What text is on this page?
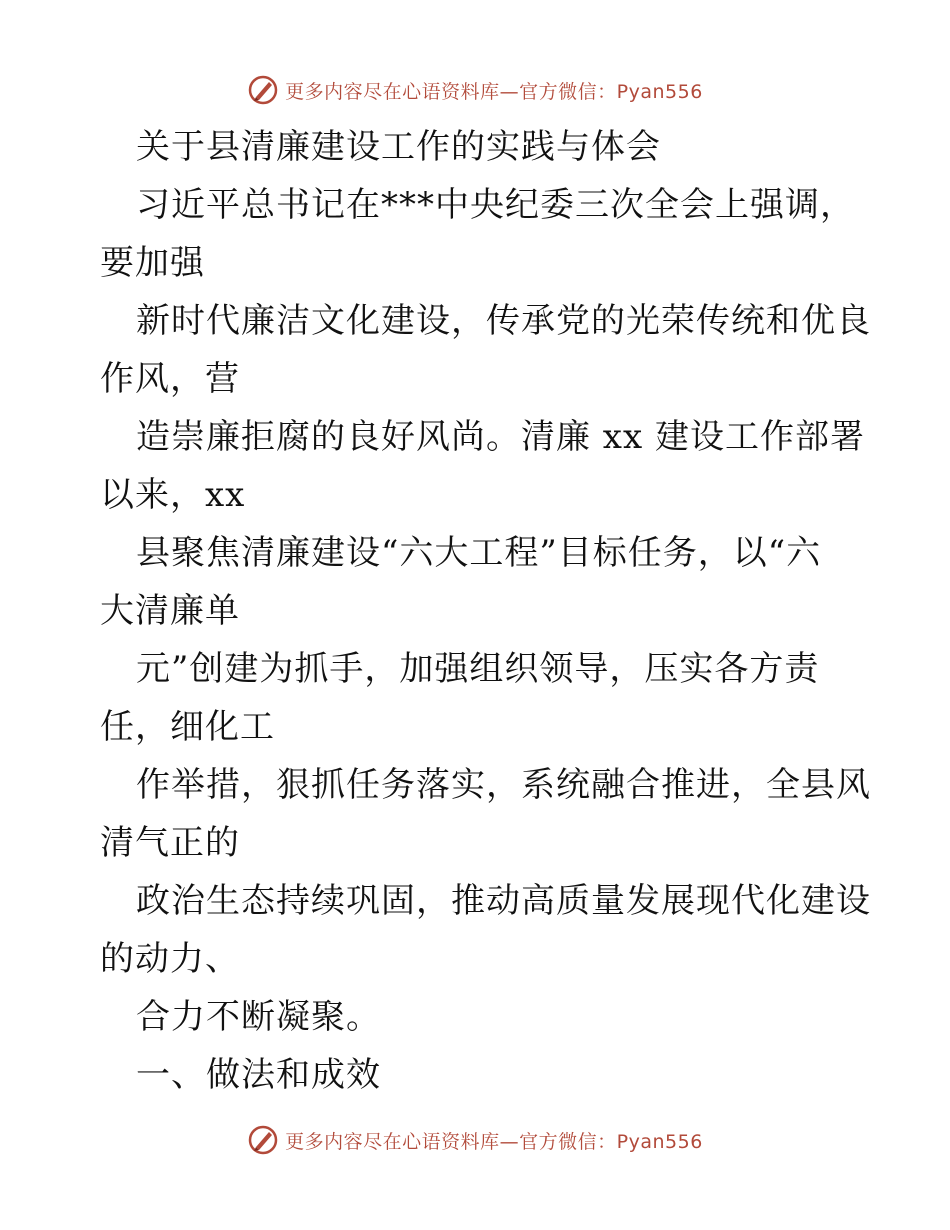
更多内容尽在心语资料库—官方微信：Pyan556
关于县清廉建设工作的实践与体会
习近平总书记在***中央纪委三次全会上强调，
要加强
新时代廉洁文化建设，传承党的光荣传统和优良
作风，营
造崇廉拒腐的良好风尚。清廉 xx 建设工作部署
以来，xx
县聚焦清廉建设“六大工程”目标任务，以“六
大清廉单
元”创建为抓手，加强组织领导，压实各方责
任，细化工
作举措，狠抓任务落实，系统融合推进，全县风
清气正的
政治生态持续巩固，推动高质量发展现代化建设
的动力、
合力不断凝聚。
一、做法和成效
更多内容尽在心语资料库—官方微信：Pyan556
